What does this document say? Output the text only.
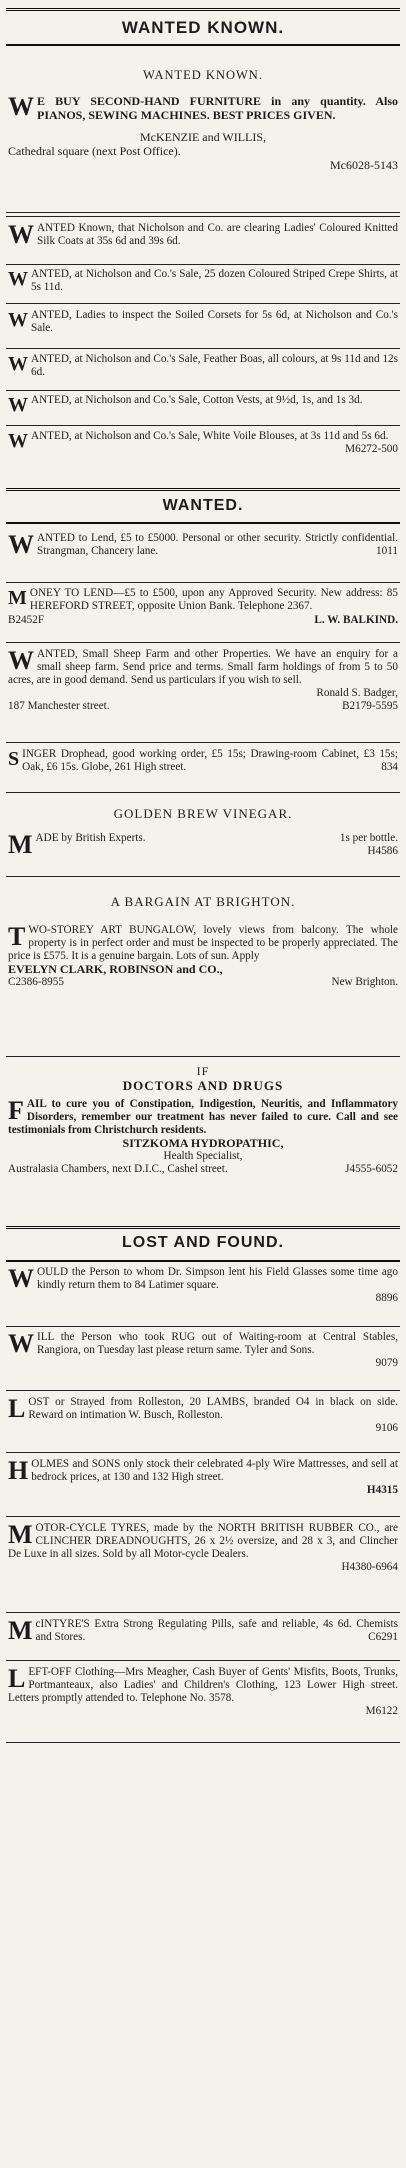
WANTED KNOWN.
WANTED KNOWN.
W E BUY SECOND-HAND FURNITURE in any quantity. Also PIANOS, SEWING MACHINES. BEST PRICES GIVEN.
McKENZIE and WILLIS,
Cathedral square (next Post Office).
Mc6028-5143
W ANTED Known, that Nicholson and Co. are clearing Ladies' Coloured Knitted Silk Coats at 35s 6d and 39s 6d.
W ANTED, at Nicholson and Co.'s Sale, 25 dozen Coloured Striped Crepe Shirts, at 5s 11d.
W ANTED, Ladies to inspect the Soiled Corsets for 5s 6d, at Nicholson and Co.'s Sale.
W ANTED, at Nicholson and Co.'s Sale, Feather Boas, all colours, at 9s 11d and 12s 6d.
W ANTED, at Nicholson and Co.'s Sale, Cotton Vests, at 9½d, 1s, and 1s 3d.
W ANTED, at Nicholson and Co.'s Sale, White Voile Blouses, at 3s 11d and 5s 6d.
M6272-500
WANTED.
W ANTED to Lend, £5 to £5000. Personal or other security. Strictly confidential. Strangman, Chancery lane.	1011
M ONEY TO LEND—£5 to £500, upon any Approved Security. New address: 85 HEREFORD STREET, opposite Union Bank. Telephone 2367.
B2452F	L. W. BALKIND.
W ANTED, Small Sheep Farm and other Properties. We have an enquiry for a small sheep farm. Send price and terms. Small farm holdings of from 5 to 50 acres, are in good demand. Send us particulars if you wish to sell.
Ronald S. Badger,
187 Manchester street.	B2179-5595
S INGER Drophead, good working order, £5 15s; Drawing-room Cabinet, £3 15s; Oak, £6 15s. Globe, 261 High street.	834
GOLDEN BREW VINEGAR.
M ADE by British Experts.	1s per bottle.
H4586
A BARGAIN AT BRIGHTON.
T WO-STOREY ART BUNGALOW, lovely views from balcony. The whole property is in perfect order and must be inspected to be properly appreciated. The price is £575. It is a genuine bargain. Lots of sun. Apply
EVELYN CLARK, ROBINSON and CO.,
C2386-8955	New Brighton.
IF
DOCTORS AND DRUGS
F AIL to cure you of Constipation, Indigestion, Neuritis, and Inflammatory Disorders, remember our treatment has never failed to cure. Call and see testimonials from Christchurch residents.
SITZKOMA HYDROPATHIC,
Health Specialist,
Australasia Chambers, next D.I.C., Cashel street.	J4555-6052
LOST AND FOUND.
W OULD the Person to whom Dr. Simpson lent his Field Glasses some time ago kindly return them to 84 Latimer square.
8896
W ILL the Person who took RUG out of Waiting-room at Central Stables, Rangiora, on Tuesday last please return same. Tyler and Sons.
9079
L OST or Strayed from Rolleston, 20 LAMBS, branded O4 in black on side. Reward on intimation W. Busch, Rolleston.
9106
H OLMES and SONS only stock their celebrated 4-ply Wire Mattresses, and sell at bedrock prices, at 130 and 132 High street.
H4315
M OTOR-CYCLE TYRES, made by the NORTH BRITISH RUBBER CO., are CLINCHER DREADNOUGHTS, 26 x 2½ oversize, and 28 x 3, and Clincher De Luxe in all sizes. Sold by all Motor-cycle Dealers.
H4380-6964
M cINTYRE'S Extra Strong Regulating Pills, safe and reliable, 4s 6d. Chemists and Stores.	C6291
L EFT-OFF Clothing—Mrs Meagher, Cash Buyer of Gents' Misfits, Boots, Trunks, Portmanteaux, also Ladies' and Children's Clothing, 123 Lower High street. Letters promptly attended to. Telephone No. 3578.
M6122
